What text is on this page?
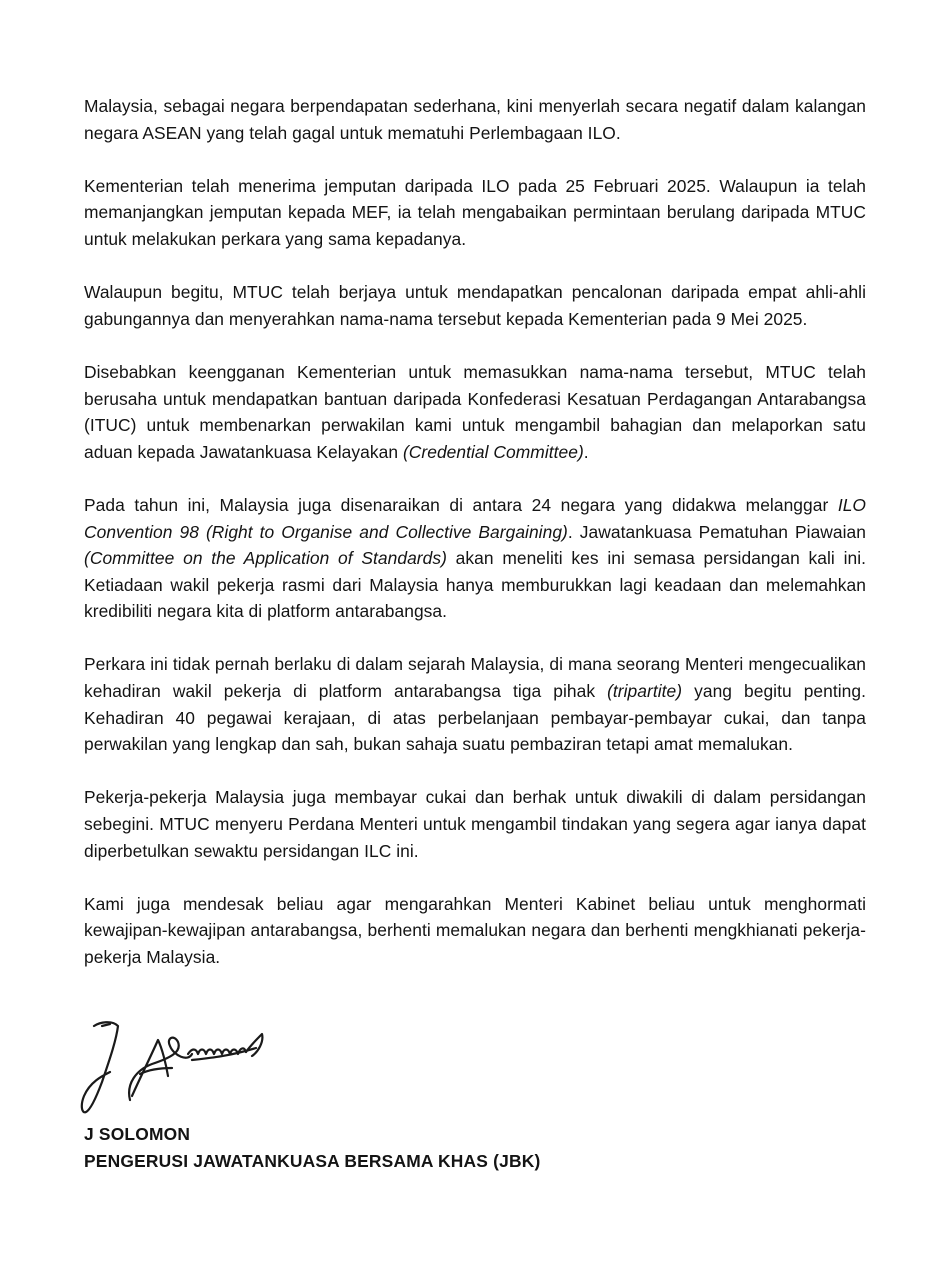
Malaysia, sebagai negara berpendapatan sederhana, kini menyerlah secara negatif dalam kalangan negara ASEAN yang telah gagal untuk mematuhi Perlembagaan ILO.

Kementerian telah menerima jemputan daripada ILO pada 25 Februari 2025. Walaupun ia telah memanjangkan jemputan kepada MEF, ia telah mengabaikan permintaan berulang daripada MTUC untuk melakukan perkara yang sama kepadanya.

Walaupun begitu, MTUC telah berjaya untuk mendapatkan pencalonan daripada empat ahli-ahli gabungannya dan menyerahkan nama-nama tersebut kepada Kementerian pada 9 Mei 2025.

Disebabkan keengganan Kementerian untuk memasukkan nama-nama tersebut, MTUC telah berusaha untuk mendapatkan bantuan daripada Konfederasi Kesatuan Perdagangan Antarabangsa (ITUC) untuk membenarkan perwakilan kami untuk mengambil bahagian dan melaporkan satu aduan kepada Jawatankuasa Kelayakan (Credential Committee).

Pada tahun ini, Malaysia juga disenaraikan di antara 24 negara yang didakwa melanggar ILO Convention 98 (Right to Organise and Collective Bargaining). Jawatankuasa Pematuhan Piawaian (Committee on the Application of Standards) akan meneliti kes ini semasa persidangan kali ini. Ketiadaan wakil pekerja rasmi dari Malaysia hanya memburukkan lagi keadaan dan melemahkan kredibiliti negara kita di platform antarabangsa.

Perkara ini tidak pernah berlaku di dalam sejarah Malaysia, di mana seorang Menteri mengecualikan kehadiran wakil pekerja di platform antarabangsa tiga pihak (tripartite) yang begitu penting. Kehadiran 40 pegawai kerajaan, di atas perbelanjaan pembayar-pembayar cukai, dan tanpa perwakilan yang lengkap dan sah, bukan sahaja suatu pembaziran tetapi amat memalukan.

Pekerja-pekerja Malaysia juga membayar cukai dan berhak untuk diwakili di dalam persidangan sebegini. MTUC menyeru Perdana Menteri untuk mengambil tindakan yang segera agar ianya dapat diperbetulkan sewaktu persidangan ILC ini.

Kami juga mendesak beliau agar mengarahkan Menteri Kabinet beliau untuk menghormati kewajipan-kewajipan antarabangsa, berhenti memalukan negara dan berhenti mengkhianati pekerja-pekerja Malaysia.

J SOLOMON
PENGERUSI JAWATANKUASA BERSAMA KHAS (JBK)
